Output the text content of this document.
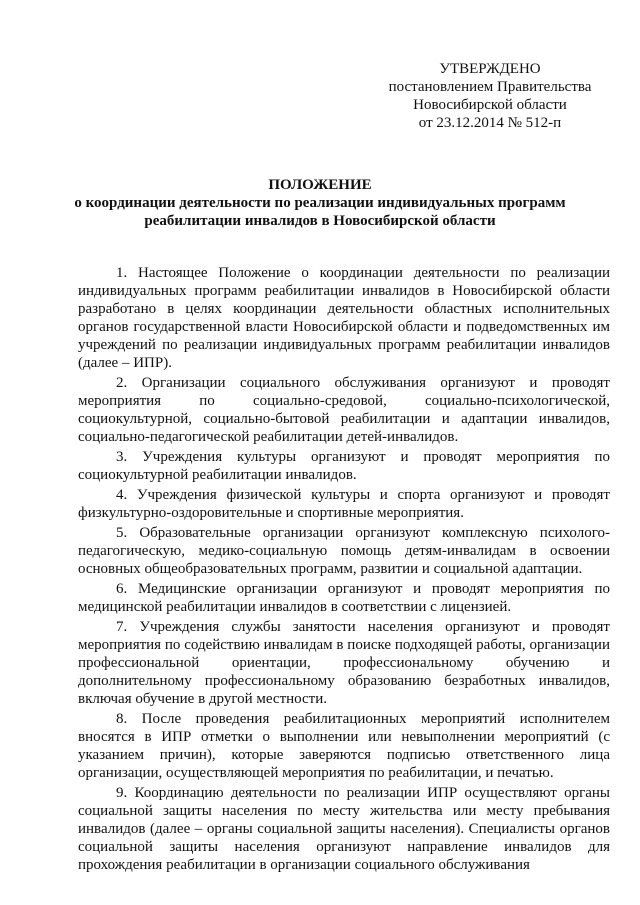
УТВЕРЖДЕНО
постановлением Правительства
Новосибирской области
от 23.12.2014 № 512-п
ПОЛОЖЕНИЕ
о координации деятельности по реализации индивидуальных программ
реабилитации инвалидов в Новосибирской области

1. Настоящее Положение о координации деятельности по реализации индивидуальных программ реабилитации инвалидов в Новосибирской области разработано в целях координации деятельности областных исполнительных органов государственной власти Новосибирской области и подведомственных им учреждений по реализации индивидуальных программ реабилитации инвалидов (далее – ИПР).

2. Организации социального обслуживания организуют и проводят мероприятия по социально-средовой, социально-психологической, социокультурной, социально-бытовой реабилитации и адаптации инвалидов, социально-педагогической реабилитации детей-инвалидов.

3. Учреждения культуры организуют и проводят мероприятия по социокультурной реабилитации инвалидов.

4. Учреждения физической культуры и спорта организуют и проводят физкультурно-оздоровительные и спортивные мероприятия.

5. Образовательные организации организуют комплексную психолого-педагогическую, медико-социальную помощь детям-инвалидам в освоении основных общеобразовательных программ, развитии и социальной адаптации.

6. Медицинские организации организуют и проводят мероприятия по медицинской реабилитации инвалидов в соответствии с лицензией.

7. Учреждения службы занятости населения организуют и проводят мероприятия по содействию инвалидам в поиске подходящей работы, организации профессиональной ориентации, профессиональному обучению и дополнительному профессиональному образованию безработных инвалидов, включая обучение в другой местности.

8. После проведения реабилитационных мероприятий исполнителем вносятся в ИПР отметки о выполнении или невыполнении мероприятий (с указанием причин), которые заверяются подписью ответственного лица организации, осуществляющей мероприятия по реабилитации, и печатью.

9. Координацию деятельности по реализации ИПР осуществляют органы социальной защиты населения по месту жительства или месту пребывания инвалидов (далее – органы социальной защиты населения). Специалисты органов социальной защиты населения организуют направление инвалидов для прохождения реабилитации в организации социального обслуживания
